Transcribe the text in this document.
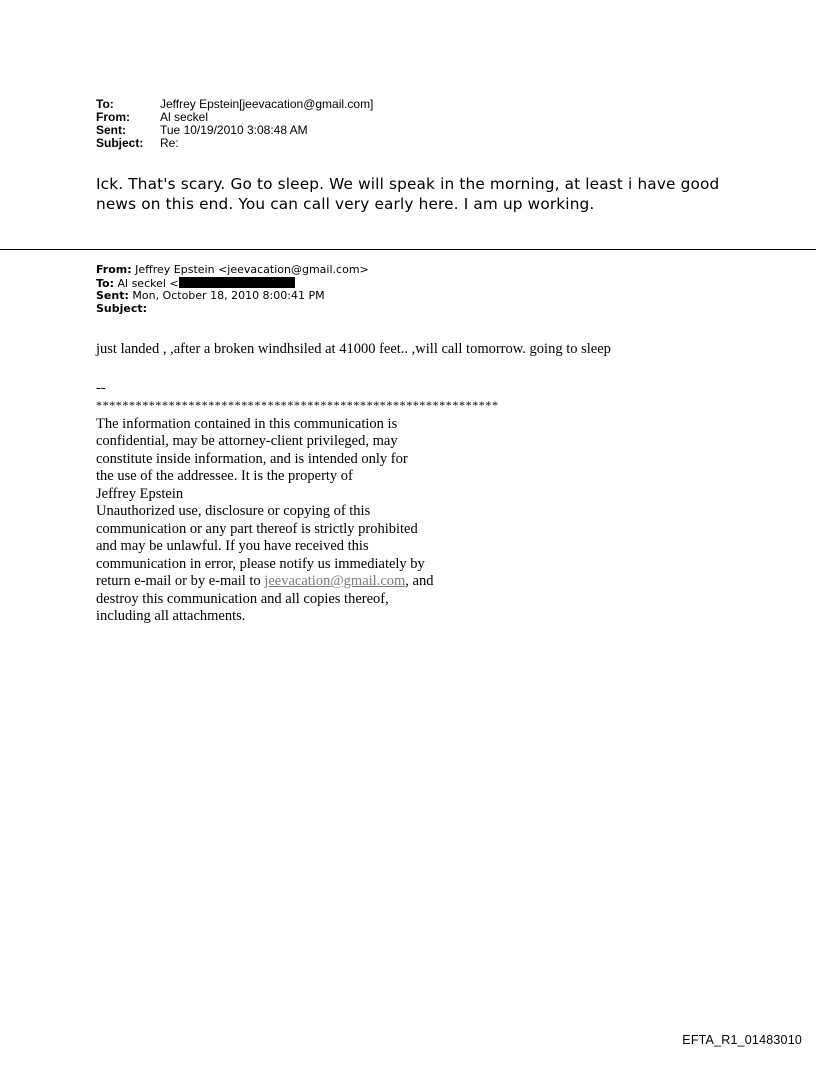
To:	Jeffrey Epstein[jeevacation@gmail.com]
From:	Al seckel
Sent:	Tue 10/19/2010 3:08:48 AM
Subject:	Re:
Ick. That's scary. Go to sleep. We will speak in the morning, at least i have good news on this end. You can call very early here. I am up working.
From: Jeffrey Epstein <jeevacation@gmail.com>
To: Al seckel <
Sent: Mon, October 18, 2010 8:00:41 PM
Subject:
just landed , ,after a broken windhsiled at 41000 feet.. ,will call tomorrow. going to sleep
--
*************************************************************
The information contained in this communication is
confidential, may be attorney-client privileged, may
constitute inside information, and is intended only for
the use of the addressee. It is the property of
Jeffrey Epstein
Unauthorized use, disclosure or copying of this
communication or any part thereof is strictly prohibited
and may be unlawful. If you have received this
communication in error, please notify us immediately by
return e-mail or by e-mail to jeevacation@gmail.com, and
destroy this communication and all copies thereof,
including all attachments.
EFTA_R1_01483010
